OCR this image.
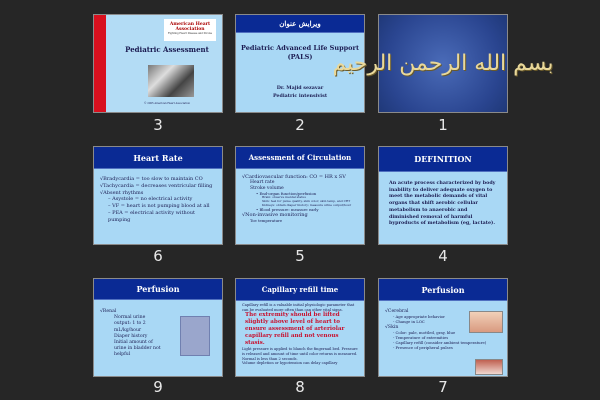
American Heart Association
Fighting Heart Disease and Stroke
Pediatric Assessment
© 2005 American Heart Association
3
ویرایش عنوان
Pediatric Advanced Life Support
(PALS)
Dr. Majid sezavar
Pediatric intensivist
2
بسم الله الرحمن الرحيم
1
Heart Rate
√Bradycardia = too slow to maintain CO
√Tachycardia = decreases ventricular filling
√Absent rhythms
– Asystole = no electrical activity
– VF = heart is not pumping blood at all
– PEA = electrical activity without pumping
6
Assessment of Circulation
√Cardiovascular function: CO = HR x SV
Heart rate
Stroke volume
• End-organ function/perfusion
Brain: observe mental status
Skin: feel for pulse quality, skin color, skin temp, and CRT
Kidneys: obtain diaper history; measure urine output/hour
• Blood pressure: measure early
√Non-invasive monitoring
Toe temperature
5
DEFINITION
An acute process characterized by body inability to deliver adequate oxygen to meet the metabolic demands of vital organs that shift aerobic cellular metabolism to anaerobic and diminished removal of harmful byproducts of metabolism (eg, lactate).
4
Perfusion
√Renal
Normal urine output: 1 to 2 mL/kg/hour
Diaper history
Initial amount of urine in bladder not helpful
9
Capillary refill time
Capillary refill is a valuable initial physiologic parameter that can be evaluated more often than can other vital signs.
The extremity should be lifted slightly above level of heart to ensure assessment of arteriolar capillary refill and not venous stasis.
Light pressure is applied to blanch the fingernail bed. Pressure is released and amount of time until color returns is measured. Normal is less than 2 seconds.
Volume depletion or hypotension can delay capillary
8
Perfusion
√Cerebral
- Age appropriate behavior
- Change in LOC
√Skin
- Color: pale, mottled, gray, blue
- Temperature of extremities
- Capillary refill (consider ambient temperature)
- Presence of peripheral pulses
7
